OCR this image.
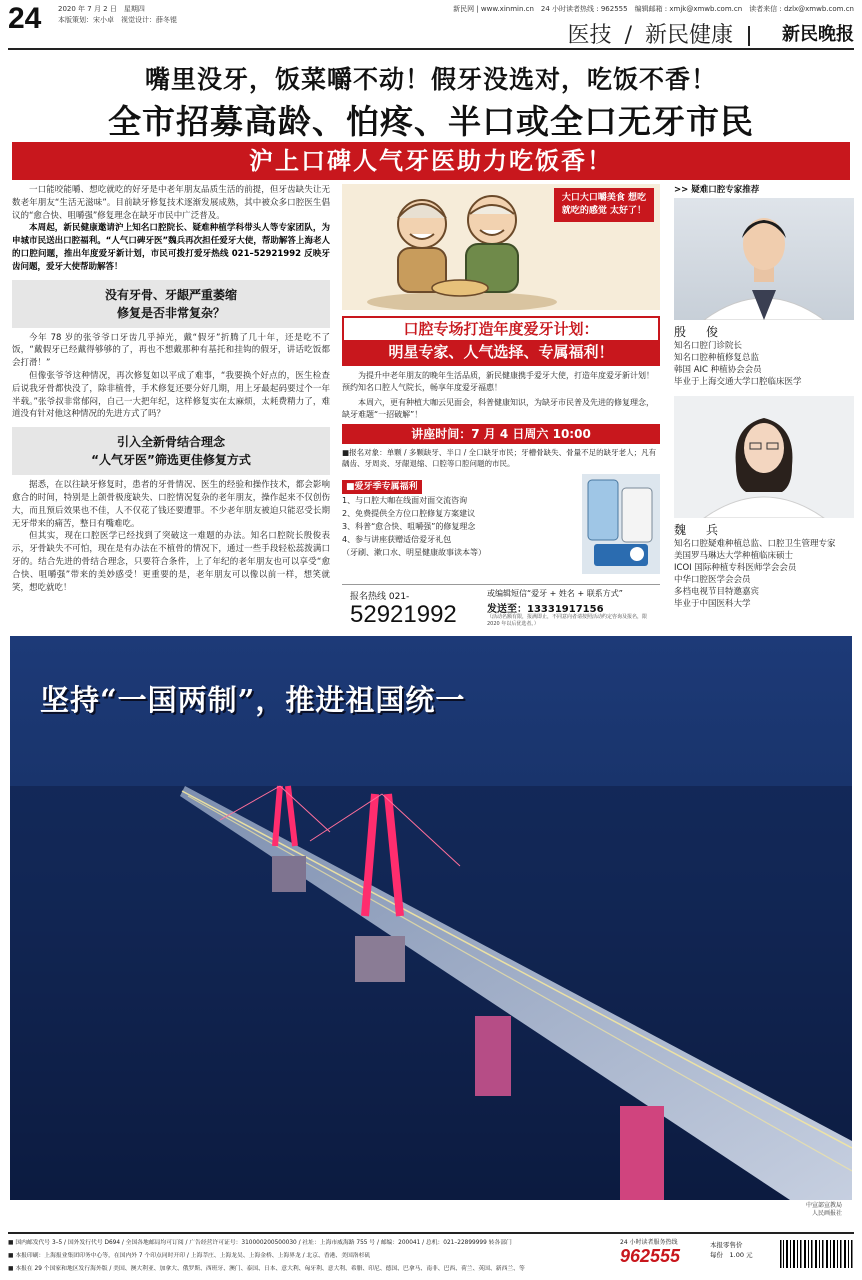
24 2020 年 7 月 2 日　星期四
本版策划：宋小卓　视觉设计：薛冬锟
新民网 | www.xinmin.cn　24 小时读者热线 : 962555　编辑邮箱 : xmjk@xmwb.com.cn　读者来信 : dzlx@xmwb.com.cn
医技 / 新民健康	新民晚报
嘴里没牙，饭菜嚼不动！假牙没选对，吃饭不香！
全市招募高龄、怕疼、半口或全口无牙市民
沪上口碑人气牙医助力吃饭香！

一口能咬能嚼、想吃就吃的好牙是中老年朋友品质生活的前提，但牙齿缺失让无数老年朋友“生活无滋味”。目前缺牙修复技术逐渐发展成熟，其中被众多口腔医生倡议的“愈合快、咀嚼强”修复理念在缺牙市民中广泛普及。

本周起，新民健康邀请沪上知名口腔院长、疑难种植学科带头人等专家团队，为申城市民送出口腔福利。“人气口碑牙医”魏兵再次担任爱牙大使，帮助解答上海老人的口腔问题，推出年度爱牙新计划，市民可拨打爱牙热线 021–52921992 反映牙齿问题，爱牙大使帮助解答！

没有牙骨、牙龈严重萎缩
修复是否非常复杂？

今年 78 岁的张爷爷口牙齿几乎掉光，戴“假牙”折腾了几十年，还是吃不了饭，“戴假牙已经戴得够够的了，再也不想戴那种有基托和挂钩的假牙，讲话吃饭都会打滑！”

但像张爷爷这种情况，再次修复如以平成了难事，“我要换个好点的，医生检查后说我牙骨都快没了，除非植骨，手术修复还要分好几期，用上牙最起码要过个一年半载。”张爷叔非常郁闷，自己一大把年纪，这样修复实在太麻烦，太耗费精力了，难道没有针对他这种情况的先进方式了吗？

引入全新骨结合理念
“人气牙医”筛选更佳修复方式

据悉，在以往缺牙修复时，患者的牙骨情况、医生的经验和操作技术，都会影响愈合的时间，特别是上颌骨极度缺失、口腔情况复杂的老年朋友，操作起来不仅创伤大，而且预后效果也不佳，人不仅花了钱还要遭罪。不少老年朋友被迫只能忍受长期无牙带来的痛苦，整日有嘴难吃。

但其实，现在口腔医学已经找到了突破这一难题的办法。知名口腔院长殷俊表示，牙骨缺失不可怕，现在是有办法在不植骨的情况下，通过一些手段轻松蕊拨满口牙的。结合先进的骨结合理念，只要符合条件，上了年纪的老年朋友也可以享受“愈合快、咀嚼强”带来的美妙感受！更重要的是，老年朋友可以像以前一样，想笑就笑，想吃就吃！

大口大口嚼美食 想吃就吃的感觉 太好了！
口腔专场打造年度爱牙计划：
明星专家、人气选择、专属福利！

为提升中老年朋友的晚年生活品质，新民健康携手爱牙大使，打造年度爱牙新计划！预约知名口腔人气院长，畅享年度爱牙福惠！

本周六，更有种植大咖云见面会，科普健康知识，为缺牙市民普及先进的修复理念，缺牙难题“一招破解”！

讲座时间：7 月 4 日周六 10:00

■报名对象：单颗 / 多颗缺牙、半口 / 全口缺牙市民；牙槽骨缺失、骨量不足的缺牙老人；凡有龋齿、牙周炎、牙龈退缩、口腔等口腔问题的市民。

■爱牙季专属福利
1、与口腔大咖在线面对面交流咨询
2、免费提供全方位口腔修复方案建议
3、科普“愈合快、咀嚼强”的修复理念
4、参与讲座获赠适倍爱牙礼包
（牙刷、漱口水、明星健康故事读本等）
报名热线 021-
52921992
或编辑短信“爱牙 + 姓名 + 联系方式”
发送至：13331917156
（活动名额有限，报满即止，不同意向者请按照活动约定咨询及报名，限 2020 年以后优选者。）
>> 疑难口腔专家推荐
殷　俊
知名口腔门诊院长
知名口腔种植修复总监
韩国 AIC 种植协会会员
毕业于上海交通大学口腔临床医学
魏　兵
知名口腔疑难种植总监、口腔卫生管理专家
美国罗马琳达大学种植临床硕士
ICOI 国际种植专科医师学会会员
中华口腔医学会会员
多档电视节目特邀嘉宾
毕业于中国医科大学
坚持“一国两制”，推进祖国统一
中宣部宣教局
人民画报社
■ 国内邮发代号 3–5 / 国外发行代号 D694 / 全国各地邮局均可订阅 / 广告经营许可证号：310000200500030 / 社址：上海市威海路 755 号 / 邮编：200041 / 总机：021–22899999 转各部门
■ 本报印刷：上海报业集团印务中心等，在国内外 7 个印点同时开印 / 上海莘庄、上海龙吴、上海金桥、上海界龙 / 北京、香港、美国洛杉矶
■ 本报在 29 个国家和地区发行海外版 / 美国、澳大利亚、加拿大、俄罗斯、西班牙、澳门、泰国、日本、意大利、匈牙利、意大利、希腊、印尼、德国、巴拿马、南非、巴西、荷兰、英国、新西兰、等
24 小时读者服务热线
962555
本报零售价
每份　1.00 元
